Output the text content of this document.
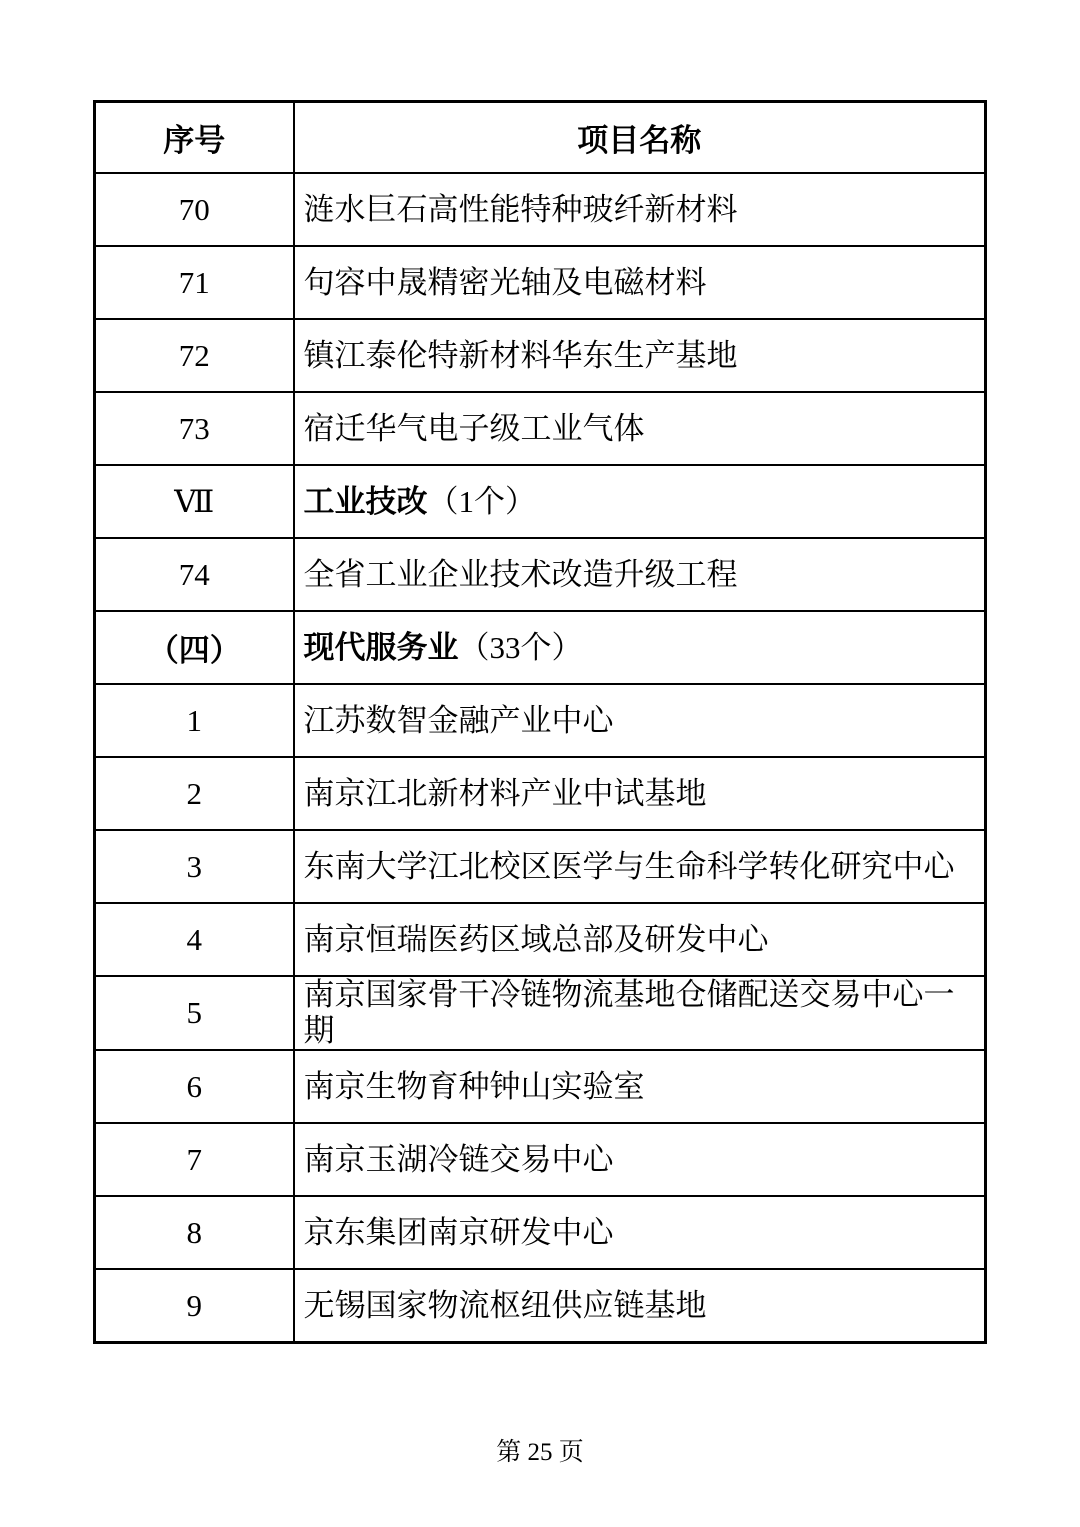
序号	项目名称
70	涟水巨石高性能特种玻纤新材料
71	句容中晟精密光轴及电磁材料
72	镇江泰伦特新材料华东生产基地
73	宿迁华气电子级工业气体
Ⅶ	工业技改（1个）
74	全省工业企业技术改造升级工程
（四）	现代服务业（33个）
1	江苏数智金融产业中心
2	南京江北新材料产业中试基地
3	东南大学江北校区医学与生命科学转化研究中心
4	南京恒瑞医药区域总部及研发中心
5	南京国家骨干冷链物流基地仓储配送交易中心一期
6	南京生物育种钟山实验室
7	南京玉湖冷链交易中心
8	京东集团南京研发中心
9	无锡国家物流枢纽供应链基地
第 25 页
